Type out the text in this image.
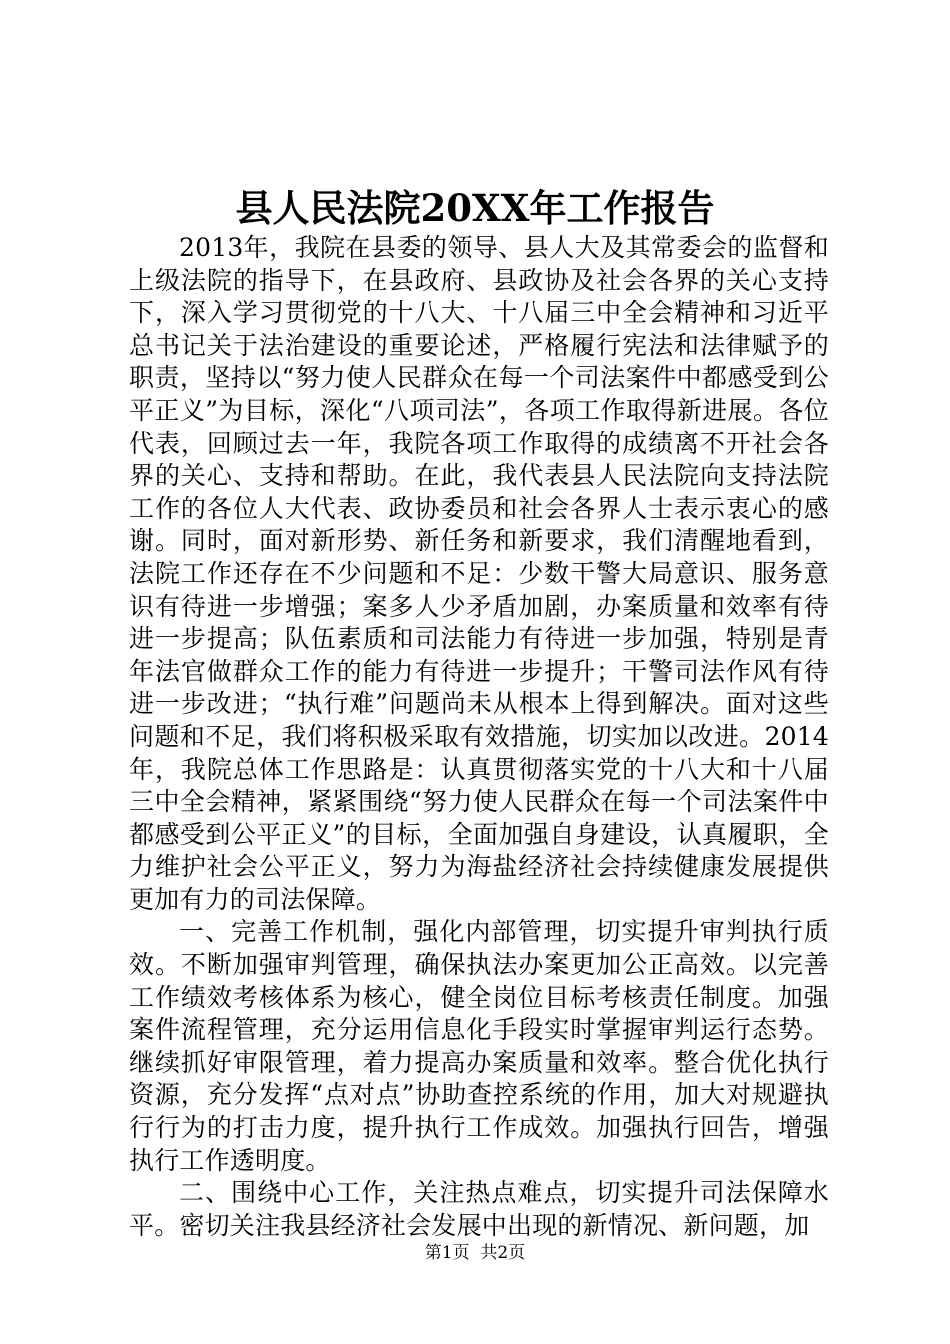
县人民法院20XX年工作报告

2013年，我院在县委的领导、县人大及其常委会的监督和上级法院的指导下，在县政府、县政协及社会各界的关心支持下，深入学习贯彻党的十八大、十八届三中全会精神和习近平总书记关于法治建设的重要论述，严格履行宪法和法律赋予的职责，坚持以“努力使人民群众在每一个司法案件中都感受到公平正义”为目标，深化“八项司法”，各项工作取得新进展。各位代表，回顾过去一年，我院各项工作取得的成绩离不开社会各界的关心、支持和帮助。在此，我代表县人民法院向支持法院工作的各位人大代表、政协委员和社会各界人士表示衷心的感谢。同时，面对新形势、新任务和新要求，我们清醒地看到，法院工作还存在不少问题和不足：少数干警大局意识、服务意识有待进一步增强；案多人少矛盾加剧，办案质量和效率有待进一步提高；队伍素质和司法能力有待进一步加强，特别是青年法官做群众工作的能力有待进一步提升；干警司法作风有待进一步改进；“执行难”问题尚未从根本上得到解决。面对这些问题和不足，我们将积极采取有效措施，切实加以改进。2014年，我院总体工作思路是：认真贯彻落实党的十八大和十八届三中全会精神，紧紧围绕“努力使人民群众在每一个司法案件中都感受到公平正义”的目标，全面加强自身建设，认真履职，全力维护社会公平正义，努力为海盐经济社会持续健康发展提供更加有力的司法保障。

一、完善工作机制，强化内部管理，切实提升审判执行质效。不断加强审判管理，确保执法办案更加公正高效。以完善工作绩效考核体系为核心，健全岗位目标考核责任制度。加强案件流程管理，充分运用信息化手段实时掌握审判运行态势。继续抓好审限管理，着力提高办案质量和效率。整合优化执行资源，充分发挥“点对点”协助查控系统的作用，加大对规避执行行为的打击力度，提升执行工作成效。加强执行回告，增强执行工作透明度。

二、围绕中心工作，关注热点难点，切实提升司法保障水平。密切关注我县经济社会发展中出现的新情况、新问题，加

第1页 共2页
